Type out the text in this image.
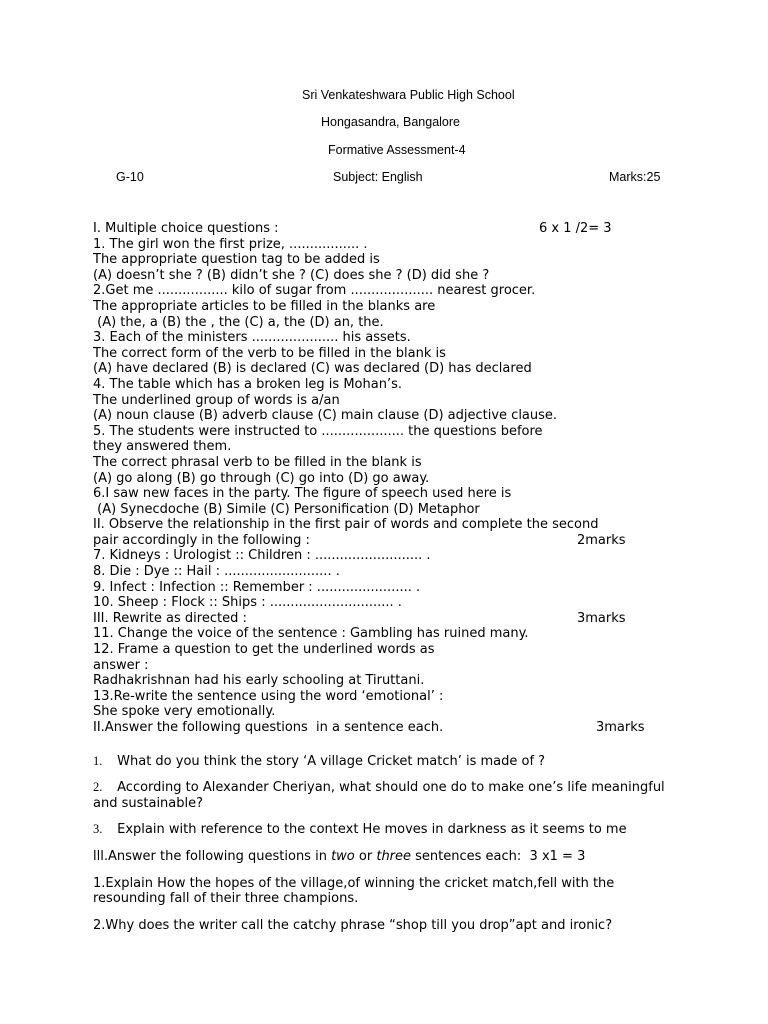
Sri Venkateshwara Public High School
Hongasandra, Bangalore
Formative Assessment-4
G-10	Subject: English	Marks:25
I. Multiple choice questions :	6 x 1 /2= 3
1. The girl won the first prize, ................. .
The appropriate question tag to be added is
(A) doesn’t she ? (B) didn’t she ? (C) does she ? (D) did she ?
2.Get me ................. kilo of sugar from .................... nearest grocer.
The appropriate articles to be filled in the blanks are
(A) the, a (B) the , the (C) a, the (D) an, the.
3. Each of the ministers ..................... his assets.
The correct form of the verb to be filled in the blank is
(A) have declared (B) is declared (C) was declared (D) has declared
4. The table which has a broken leg is Mohan’s.
The underlined group of words is a/an
(A) noun clause (B) adverb clause (C) main clause (D) adjective clause.
5. The students were instructed to .................... the questions before
they answered them.
The correct phrasal verb to be filled in the blank is
(A) go along (B) go through (C) go into (D) go away.
6.I saw new faces in the party. The figure of speech used here is
(A) Synecdoche (B) Simile (C) Personification (D) Metaphor
II. Observe the relationship in the first pair of words and complete the second
pair accordingly in the following :	2marks
7. Kidneys : Urologist :: Children : .......................... .
8. Die : Dye :: Hail : .......................... .
9. Infect : Infection :: Remember : ....................... .
10. Sheep : Flock :: Ships : .............................. .
III. Rewrite as directed :	3marks
11. Change the voice of the sentence : Gambling has ruined many.
12. Frame a question to get the underlined words as
answer :
Radhakrishnan had his early schooling at Tiruttani.
13.Re-write the sentence using the word ‘emotional’ :
She spoke very emotionally.
II.Answer the following questions  in a sentence each.	3marks
1. What do you think the story ‘A village Cricket match’ is made of ?
2. According to Alexander Cheriyan, what should one do to make one’s life meaningful and sustainable?
3. Explain with reference to the context He moves in darkness as it seems to me
lll.Answer the following questions in two or three sentences each:  3 x1 = 3
1.Explain How the hopes of the village,of winning the cricket match,fell with the resounding fall of their three champions.
2.Why does the writer call the catchy phrase “shop till you drop”apt and ironic?
